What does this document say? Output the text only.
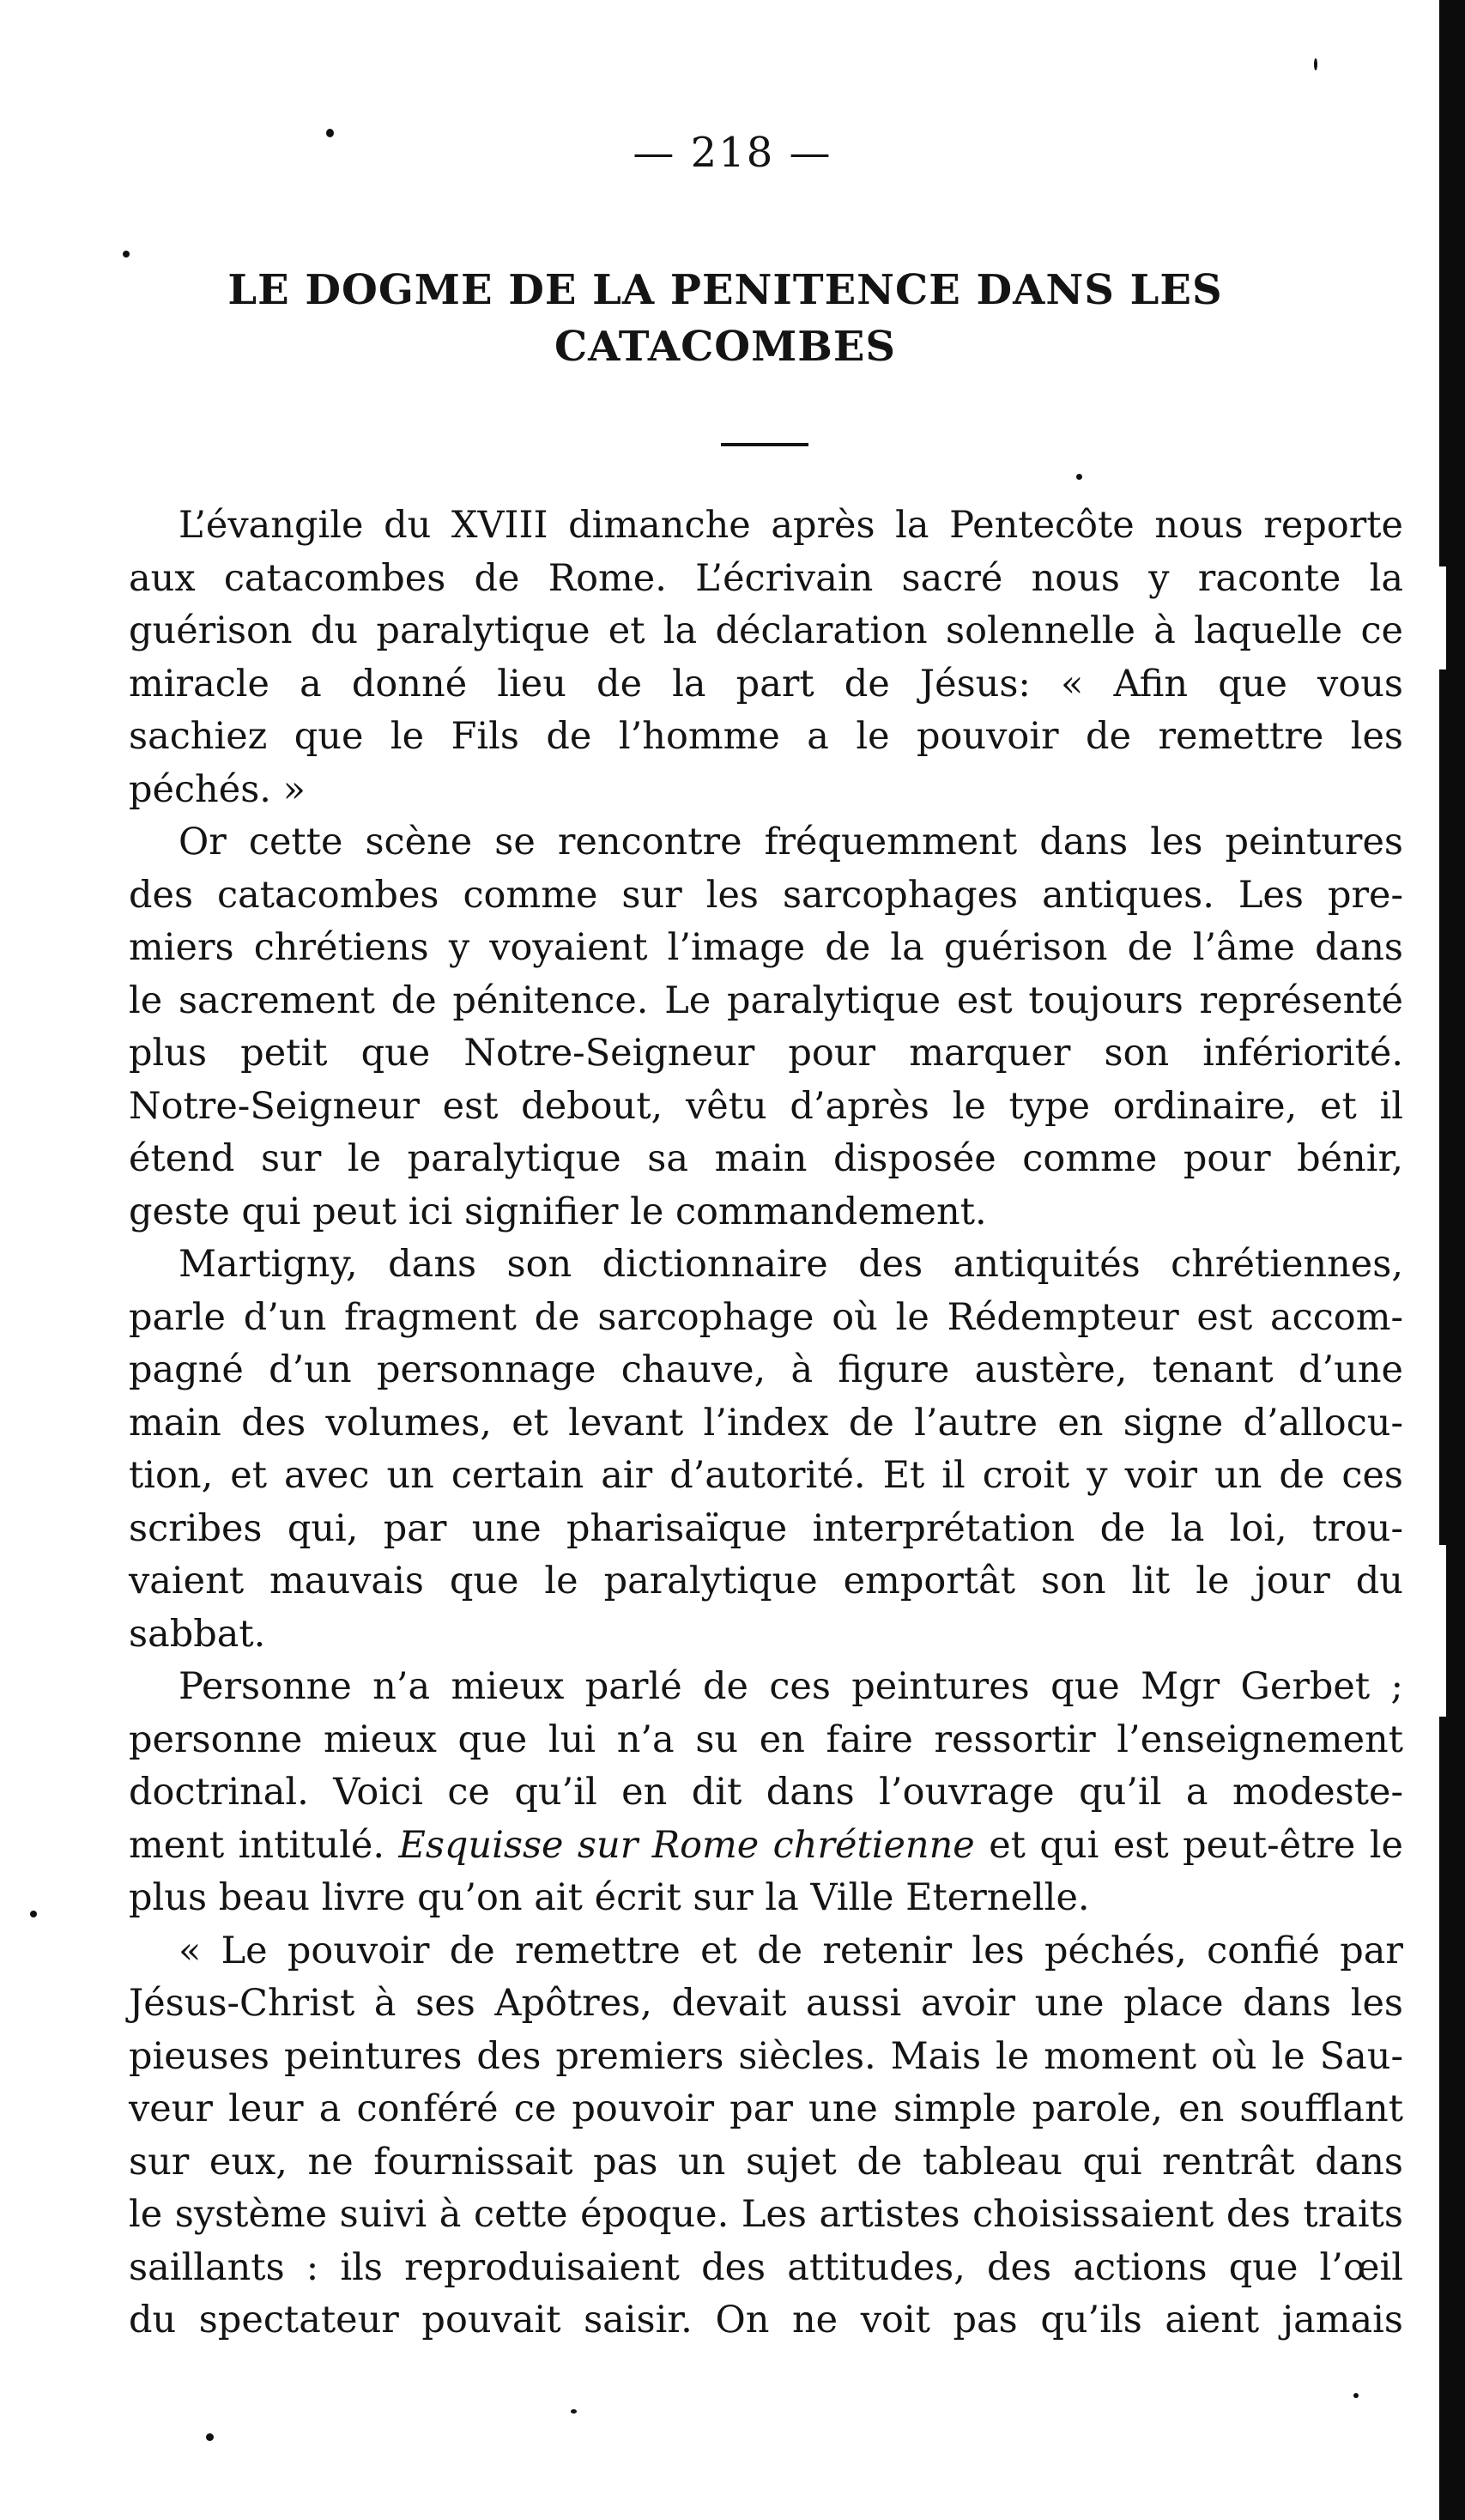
— 218 —
LE DOGME DE LA PENITENCE DANS LES
CATACOMBES

L’évangile du XVIII dimanche après la Pentecôte nous reporte
aux catacombes de Rome. L’écrivain sacré nous y raconte la
guérison du paralytique et la déclaration solennelle à laquelle ce
miracle a donné lieu de la part de Jésus: « Afin que vous
sachiez que le Fils de l’homme a le pouvoir de remettre les
péchés. »

Or cette scène se rencontre fréquemment dans les peintures
des catacombes comme sur les sarcophages antiques. Les pre-
miers chrétiens y voyaient l’image de la guérison de l’âme dans
le sacrement de pénitence. Le paralytique est toujours représenté
plus petit que Notre-Seigneur pour marquer son infériorité.
Notre-Seigneur est debout, vêtu d’après le type ordinaire, et il
étend sur le paralytique sa main disposée comme pour bénir,
geste qui peut ici signifier le commandement.

Martigny, dans son dictionnaire des antiquités chrétiennes,
parle d’un fragment de sarcophage où le Rédempteur est accom-
pagné d’un personnage chauve, à figure austère, tenant d’une
main des volumes, et levant l’index de l’autre en signe d’allocu-
tion, et avec un certain air d’autorité. Et il croit y voir un de ces
scribes qui, par une pharisaïque interprétation de la loi, trou-
vaient mauvais que le paralytique emportât son lit le jour du
sabbat.

Personne n’a mieux parlé de ces peintures que Mgr Gerbet ;
personne mieux que lui n’a su en faire ressortir l’enseignement
doctrinal. Voici ce qu’il en dit dans l’ouvrage qu’il a modeste-
ment intitulé. Esquisse sur Rome chrétienne et qui est peut-être le
plus beau livre qu’on ait écrit sur la Ville Eternelle.

« Le pouvoir de remettre et de retenir les péchés, confié par
Jésus-Christ à ses Apôtres, devait aussi avoir une place dans les
pieuses peintures des premiers siècles. Mais le moment où le Sau-
veur leur a conféré ce pouvoir par une simple parole, en soufflant
sur eux, ne fournissait pas un sujet de tableau qui rentrât dans
le système suivi à cette époque. Les artistes choisissaient des traits
saillants : ils reproduisaient des attitudes, des actions que l’œil
du spectateur pouvait saisir. On ne voit pas qu’ils aient jamais
